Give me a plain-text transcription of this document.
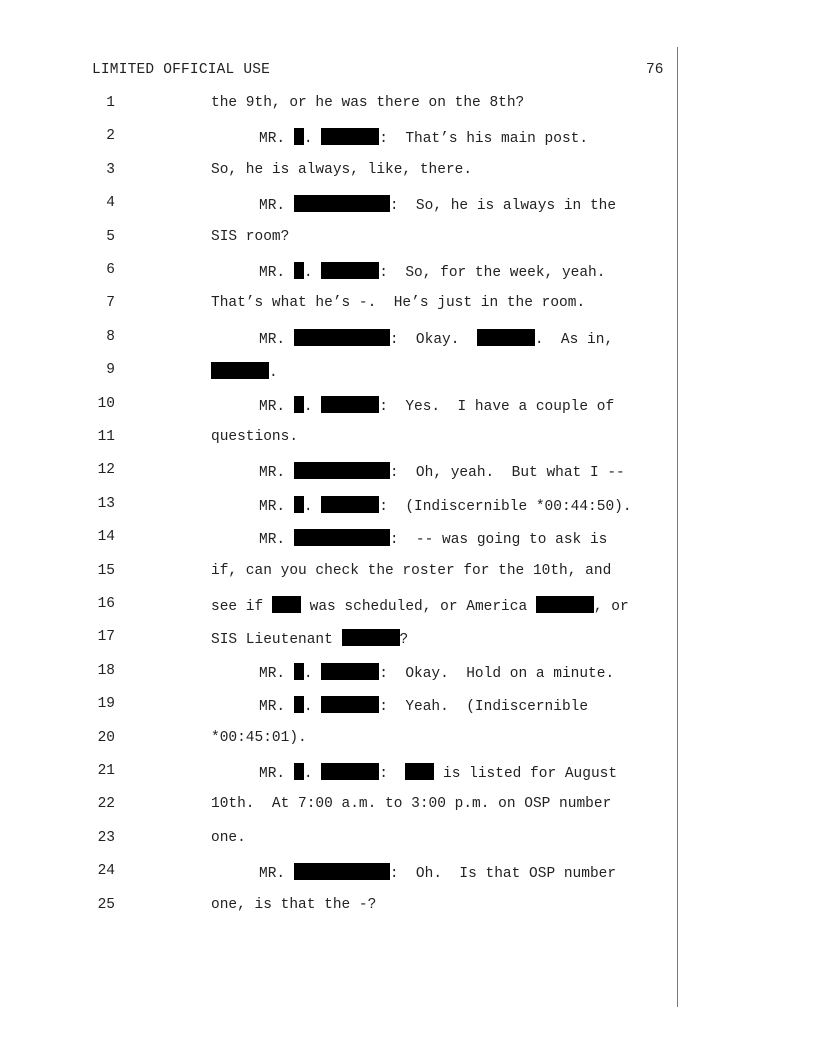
LIMITED OFFICIAL USE	76
1	the 9th, or he was there on the 8th?
2	MR. .	:  That’s his main post.
3	So, he is always, like, there.
4	MR.	:  So, he is always in the
5	SIS room?
6	MR. .	:  So, for the week, yeah.
7	That’s what he’s -.  He’s just in the room.
8	MR.	:  Okay.	.  As in,
9	.
10	MR. .	:  Yes.  I have a couple of
11	questions.
12	MR.	:  Oh, yeah.  But what I --
13	MR. .	:  (Indiscernible *00:44:50).
14	MR.	:  -- was going to ask is
15	if, can you check the roster for the 10th, and
16	see if  was scheduled, or America	, or
17	SIS Lieutenant	?
18	MR. .	:  Okay.  Hold on a minute.
19	MR. .	:  Yeah.  (Indiscernible
20	*00:45:01).
21	MR. .	:   is listed for August
22	10th.  At 7:00 a.m. to 3:00 p.m. on OSP number
23	one.
24	MR.	:  Oh.  Is that OSP number
25	one, is that the -?
